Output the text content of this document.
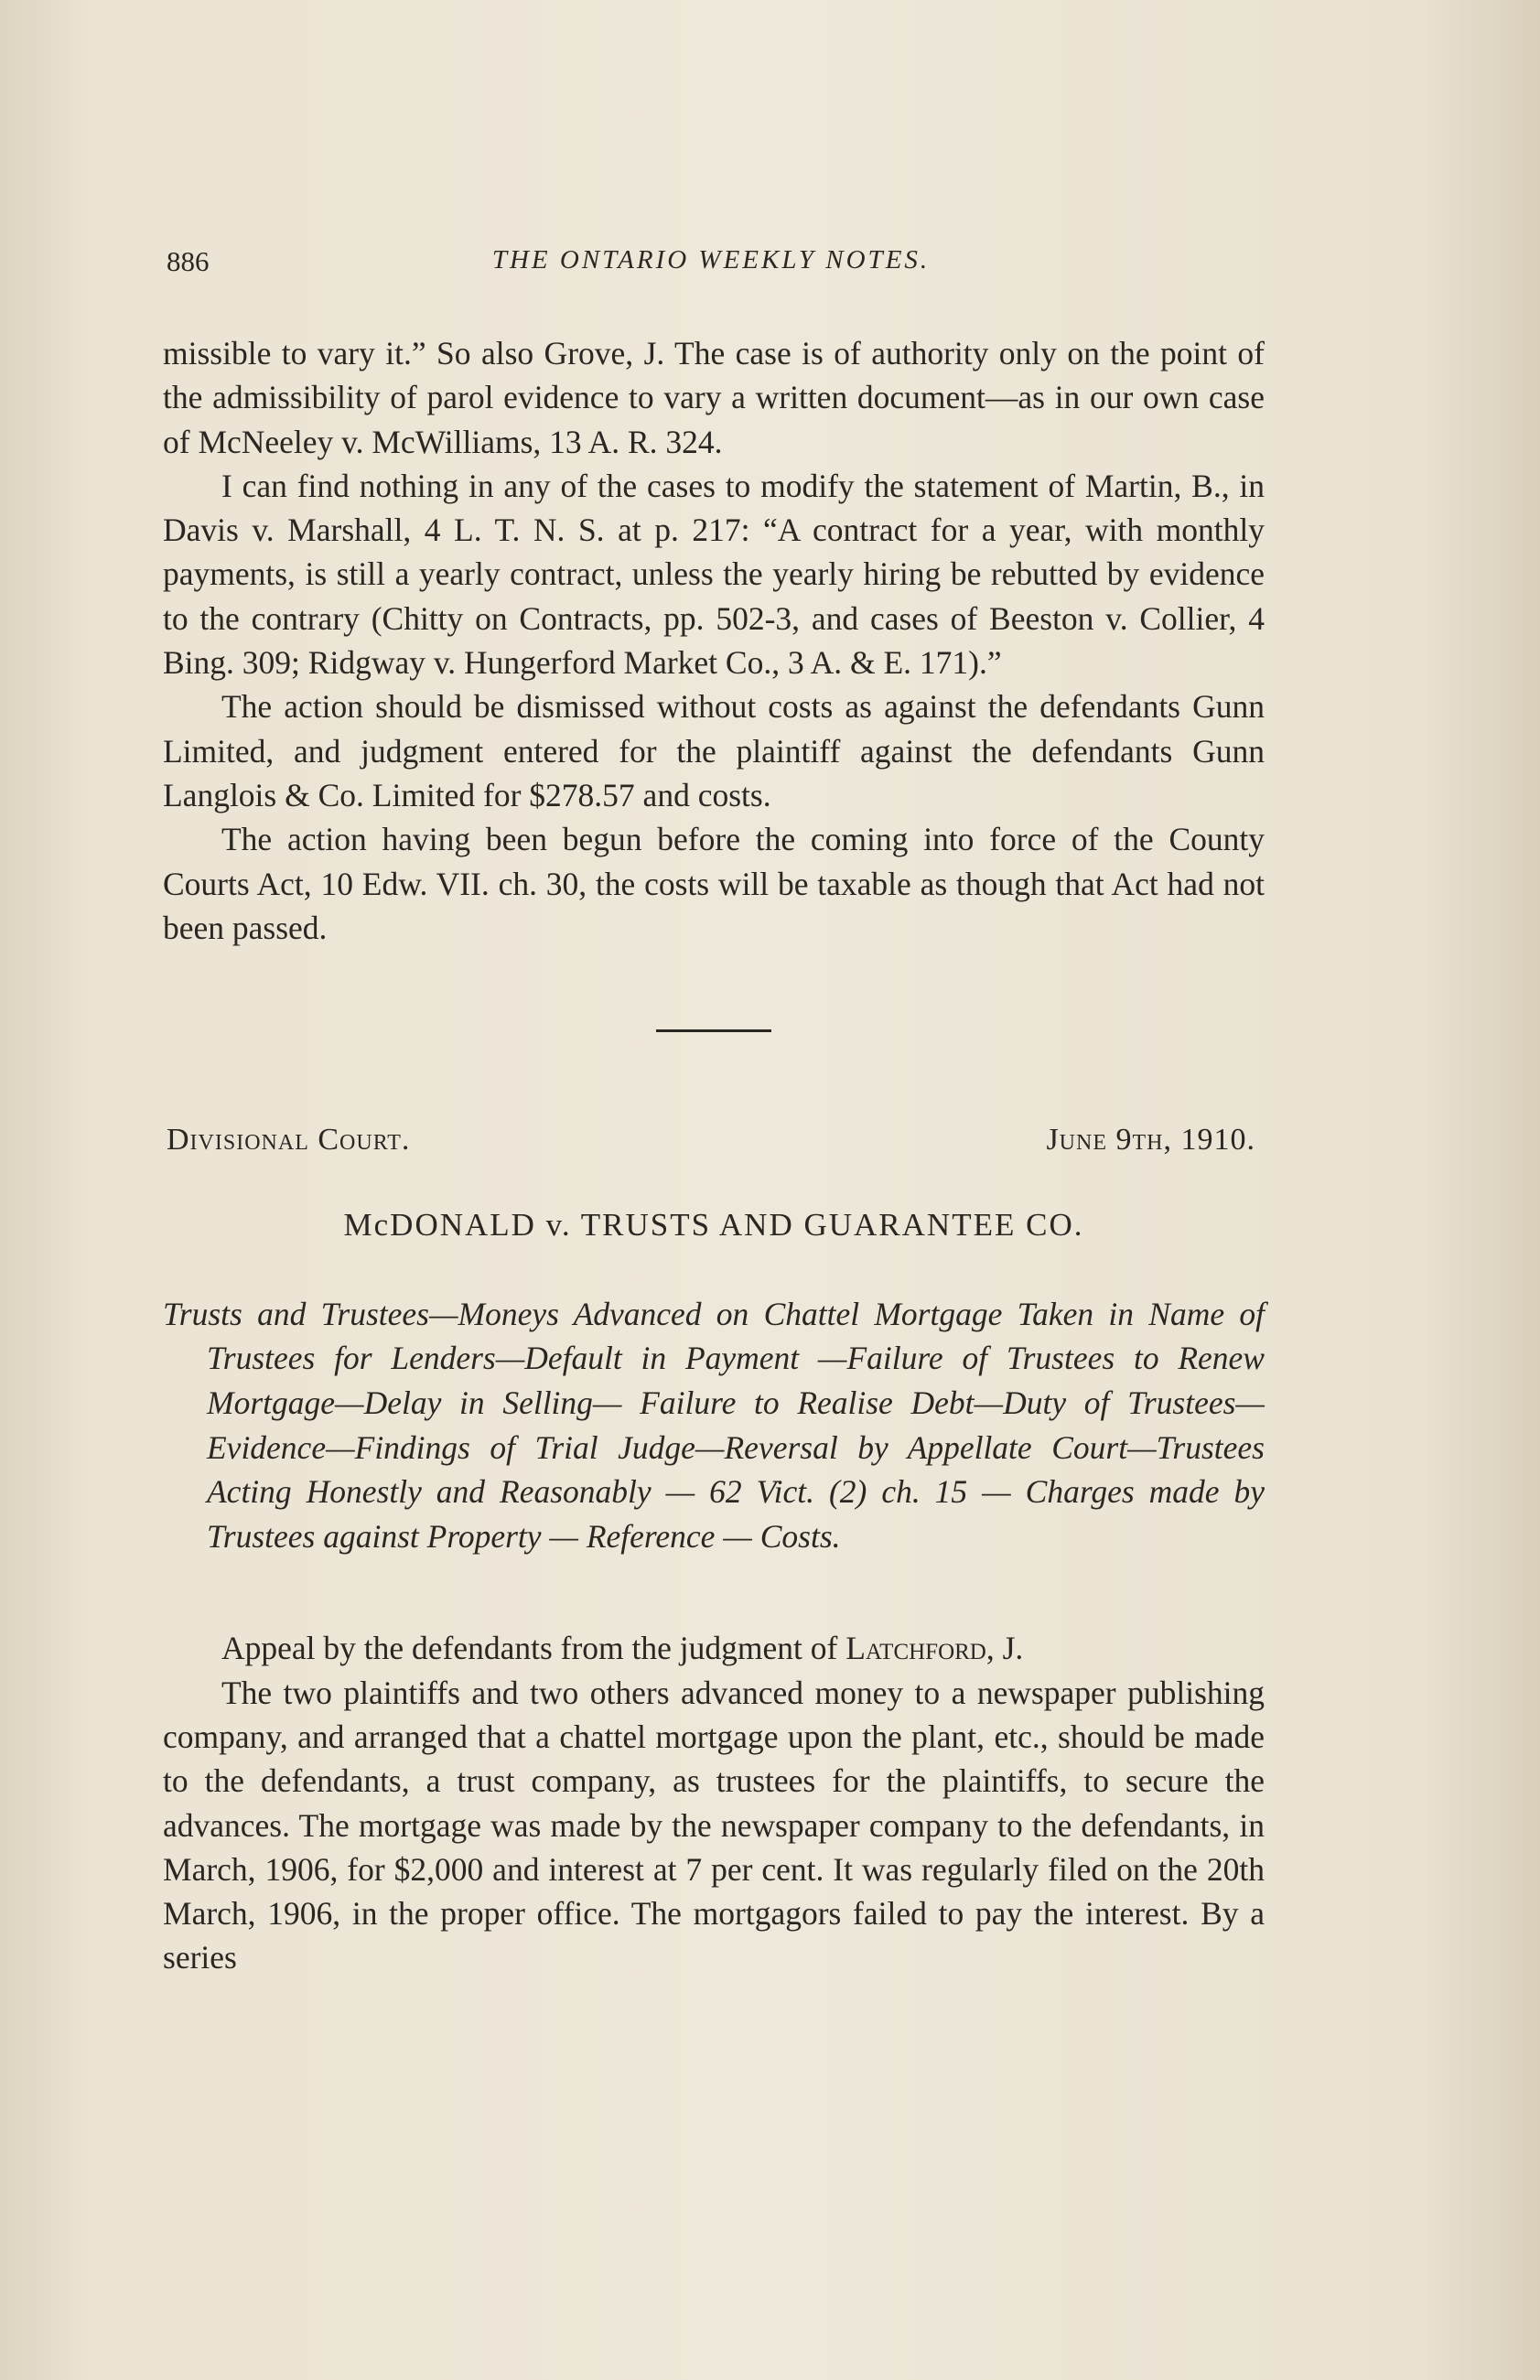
886	THE ONTARIO WEEKLY NOTES.

missible to vary it.” So also Grove, J. The case is of authority only on the point of the admissibility of parol evidence to vary a written document—as in our own case of McNeeley v. McWilliams, 13 A. R. 324.

I can find nothing in any of the cases to modify the statement of Martin, B., in Davis v. Marshall, 4 L. T. N. S. at p. 217: “A contract for a year, with monthly payments, is still a yearly contract, unless the yearly hiring be rebutted by evidence to the contrary (Chitty on Contracts, pp. 502-3, and cases of Beeston v. Collier, 4 Bing. 309; Ridgway v. Hungerford Market Co., 3 A. & E. 171).”

The action should be dismissed without costs as against the defendants Gunn Limited, and judgment entered for the plaintiff against the defendants Gunn Langlois & Co. Limited for $278.57 and costs.

The action having been begun before the coming into force of the County Courts Act, 10 Edw. VII. ch. 30, the costs will be taxable as though that Act had not been passed.

Divisional Court.	June 9th, 1910.
McDONALD v. TRUSTS AND GUARANTEE CO.
Trusts and Trustees—Moneys Advanced on Chattel Mortgage Taken in Name of Trustees for Lenders—Default in Payment —Failure of Trustees to Renew Mortgage—Delay in Selling— Failure to Realise Debt—Duty of Trustees—Evidence—Findings of Trial Judge—Reversal by Appellate Court—Trustees Acting Honestly and Reasonably — 62 Vict. (2) ch. 15 — Charges made by Trustees against Property — Reference — Costs.

Appeal by the defendants from the judgment of Latchford, J.

The two plaintiffs and two others advanced money to a newspaper publishing company, and arranged that a chattel mortgage upon the plant, etc., should be made to the defendants, a trust company, as trustees for the plaintiffs, to secure the advances. The mortgage was made by the newspaper company to the defendants, in March, 1906, for $2,000 and interest at 7 per cent. It was regularly filed on the 20th March, 1906, in the proper office. The mortgagors failed to pay the interest. By a series
